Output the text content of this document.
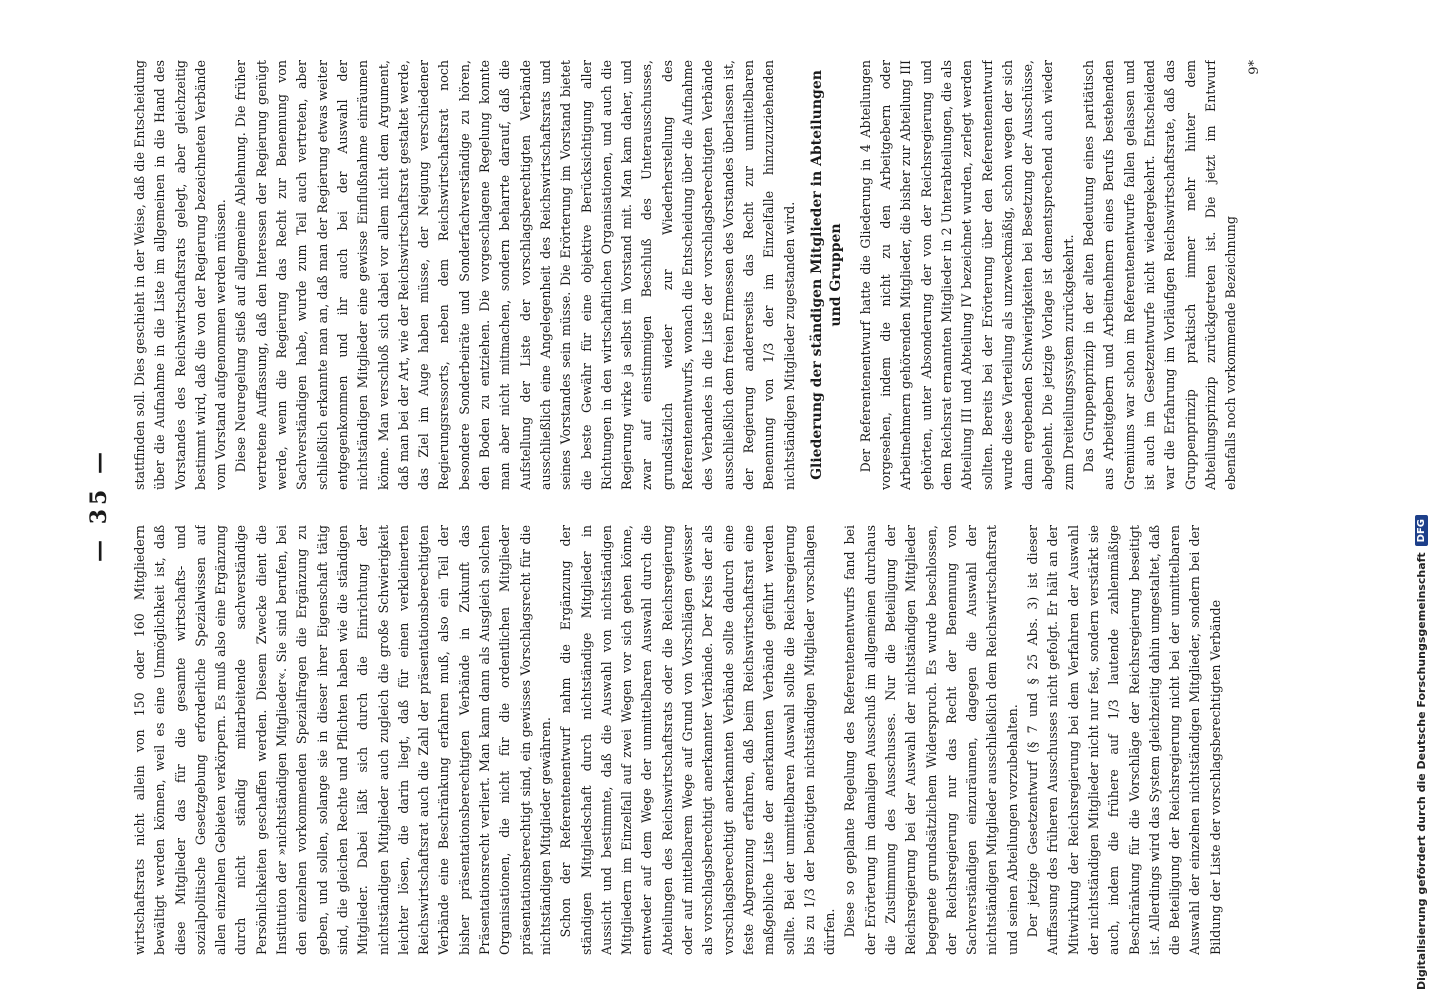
— 35 —

wirtschaftsrats nicht allein von 150 oder 160 Mitgliedern bewältigt werden können, weil es eine Unmöglichkeit ist, daß diese Mitglieder das für die gesamte wirtschafts- und sozialpolitische Gesetzgebung erforderliche Spezialwissen auf allen einzelnen Gebieten verkörpern. Es muß also eine Ergänzung durch nicht ständig mitarbeitende sachverständige Persönlichkeiten geschaffen werden. Diesem Zwecke dient die Institution der »nichtständigen Mitglieder«. Sie sind berufen, bei den einzelnen vorkommenden Spezialfragen die Ergänzung zu geben, und sollen, solange sie in dieser ihrer Eigenschaft tätig sind, die gleichen Rechte und Pflichten haben wie die ständigen Mitglieder. Dabei läßt sich durch die Einrichtung der nichtständigen Mitglieder auch zugleich die große Schwierigkeit leichter lösen, die darin liegt, daß für einen verkleinerten Reichswirtschaftsrat auch die Zahl der präsentationsberechtigten Verbände eine Beschränkung erfahren muß, also ein Teil der bisher präsentationsberechtigten Verbände in Zukunft das Präsentationsrecht verliert. Man kann dann als Ausgleich solchen Organisationen, die nicht für die ordentlichen Mitglieder präsentationsberechtigt sind, ein gewisses Vorschlagsrecht für die nichtständigen Mitglieder gewähren. Schon der Referentenentwurf nahm die Ergänzung der ständigen Mitgliedschaft durch nichtständige Mitglieder in Aussicht und bestimmte, daß die Auswahl von nichtständigen Mitgliedern im Einzelfall auf zwei Wegen vor sich gehen könne, entweder auf dem Wege der unmittelbaren Auswahl durch die Abteilungen des Reichswirtschaftsrats oder die Reichsregierung oder auf mittelbarem Wege auf Grund von Vorschlägen gewisser als vorschlagsberechtigt anerkannter Verbände. Der Kreis der als vorschlagsberechtigt anerkannten Verbände sollte dadurch eine feste Abgrenzung erfahren, daß beim Reichswirtschaftsrat eine maßgebliche Liste der anerkannten Verbände geführt werden sollte. Bei der unmittelbaren Auswahl sollte die Reichsregierung bis zu 1/3 der benötigten nichtständigen Mitglieder vorschlagen dürfen. Diese so geplante Regelung des Referentenentwurfs fand bei der Erörterung im damaligen Ausschuß im allgemeinen durchaus die Zustimmung des Ausschusses. Nur die Beteiligung der Reichsregierung bei der Auswahl der nichtständigen Mitglieder begegnete grundsätzlichem Widerspruch. Es wurde beschlossen, der Reichsregierung nur das Recht der Benennung von Sachverständigen einzuräumen, dagegen die Auswahl der nichtständigen Mitglieder ausschließlich dem Reichswirtschaftsrat und seinen Abteilungen vorzubehalten. Der jetzige Gesetzentwurf (§ 7 und § 25 Abs. 3) ist dieser Auffassung des früheren Ausschusses nicht gefolgt. Er hält an der Mitwirkung der Reichsregierung bei dem Verfahren der Auswahl der nichtständigen Mitglieder nicht nur fest, sondern verstärkt sie auch, indem die frühere auf 1/3 lautende zahlenmäßige Beschränkung für die Vorschläge der Reichsregierung beseitigt ist. Allerdings wird das System gleichzeitig dahin umgestaltet, daß die Beteiligung der Reichsregierung nicht bei der unmittelbaren Auswahl der einzelnen nichtständigen Mitglieder, sondern bei der Bildung der Liste der vorschlagsberechtigten Verbände

stattfinden soll. Dies geschieht in der Weise, daß die Entscheidung über die Aufnahme in die Liste im allgemeinen in die Hand des Vorstandes des Reichswirtschaftsrats gelegt, aber gleichzeitig bestimmt wird, daß die von der Regierung bezeichneten Verbände vom Vorstand aufgenommen werden müssen. Diese Neuregelung stieß auf allgemeine Ablehnung. Die früher vertretene Auffassung, daß den Interessen der Regierung genügt werde, wenn die Regierung das Recht zur Benennung von Sachverständigen habe, wurde zum Teil auch vertreten, aber schließlich erkannte man an, daß man der Regierung etwas weiter entgegenkommen und ihr auch bei der Auswahl der nichtständigen Mitglieder eine gewisse Einflußnahme einräumen könne. Man verschloß sich dabei vor allem nicht dem Argument, daß man bei der Art, wie der Reichswirtschaftsrat gestaltet werde, das Ziel im Auge haben müsse, der Neigung verschiedener Regierungsressorts, neben dem Reichswirtschaftsrat noch besondere Sonderbeiräte und Sonderfachverständige zu hören, den Boden zu entziehen. Die vorgeschlagene Regelung konnte man aber nicht mitmachen, sondern beharrte darauf, daß die Aufstellung der Liste der vorschlagsberechtigten Verbände ausschließlich eine Angelegenheit des Reichswirtschaftsrats und seines Vorstandes sein müsse. Die Erörterung im Vorstand bietet die beste Gewähr für eine objektive Berücksichtigung aller Richtungen in den wirtschaftlichen Organisationen, und auch die Regierung wirke ja selbst im Vorstand mit. Man kam daher, und zwar auf einstimmigen Beschluß des Unterausschusses, grundsätzlich wieder zur Wiederherstellung des Referentenentwurfs, wonach die Entscheidung über die Aufnahme des Verbandes in die Liste der vorschlagsberechtigten Verbände ausschließlich dem freien Ermessen des Vorstandes überlassen ist, der Regierung andererseits das Recht zur unmittelbaren Benennung von 1/3 der im Einzelfalle hinzuzuziehenden nichtständigen Mitglieder zugestanden wird. Gliederung der ständigen Mitglieder in Abteilungen und Gruppen Der Referentenentwurf hatte die Gliederung in 4 Abteilungen vorgesehen, indem die nicht zu den Arbeitgebern oder Arbeitnehmern gehörenden Mitglieder, die bisher zur Abteilung III gehörten, unter Absonderung der von der Reichsregierung und dem Reichsrat ernannten Mitglieder in 2 Unterabteilungen, die als Abteilung III und Abteilung IV bezeichnet wurden, zerlegt werden sollten. Bereits bei der Erörterung über den Referentenentwurf wurde diese Vierteilung als unzweckmäßig, schon wegen der sich dann ergebenden Schwierigkeiten bei Besetzung der Ausschüsse, abgelehnt. Die jetzige Vorlage ist dementsprechend auch wieder zum Dreiteilungssystem zurückgekehrt. Das Gruppenprinzip in der alten Bedeutung eines paritätisch aus Arbeitgebern und Arbeitnehmern eines Berufs bestehenden Gremiums war schon im Referentenentwurfe fallen gelassen und ist auch im Gesetzentwurfe nicht wiedergekehrt. Entscheidend war die Erfahrung im Vorläufigen Reichswirtschaftsrate, daß das Gruppenprinzip praktisch immer mehr hinter dem Abteilungsprinzip zurückgetreten ist. Die jetzt im Entwurf ebenfalls noch vorkommende Bezeichnung

9*
Digitalisierung gefördert durch die Deutsche Forschungsgemeinschaft
DFG
